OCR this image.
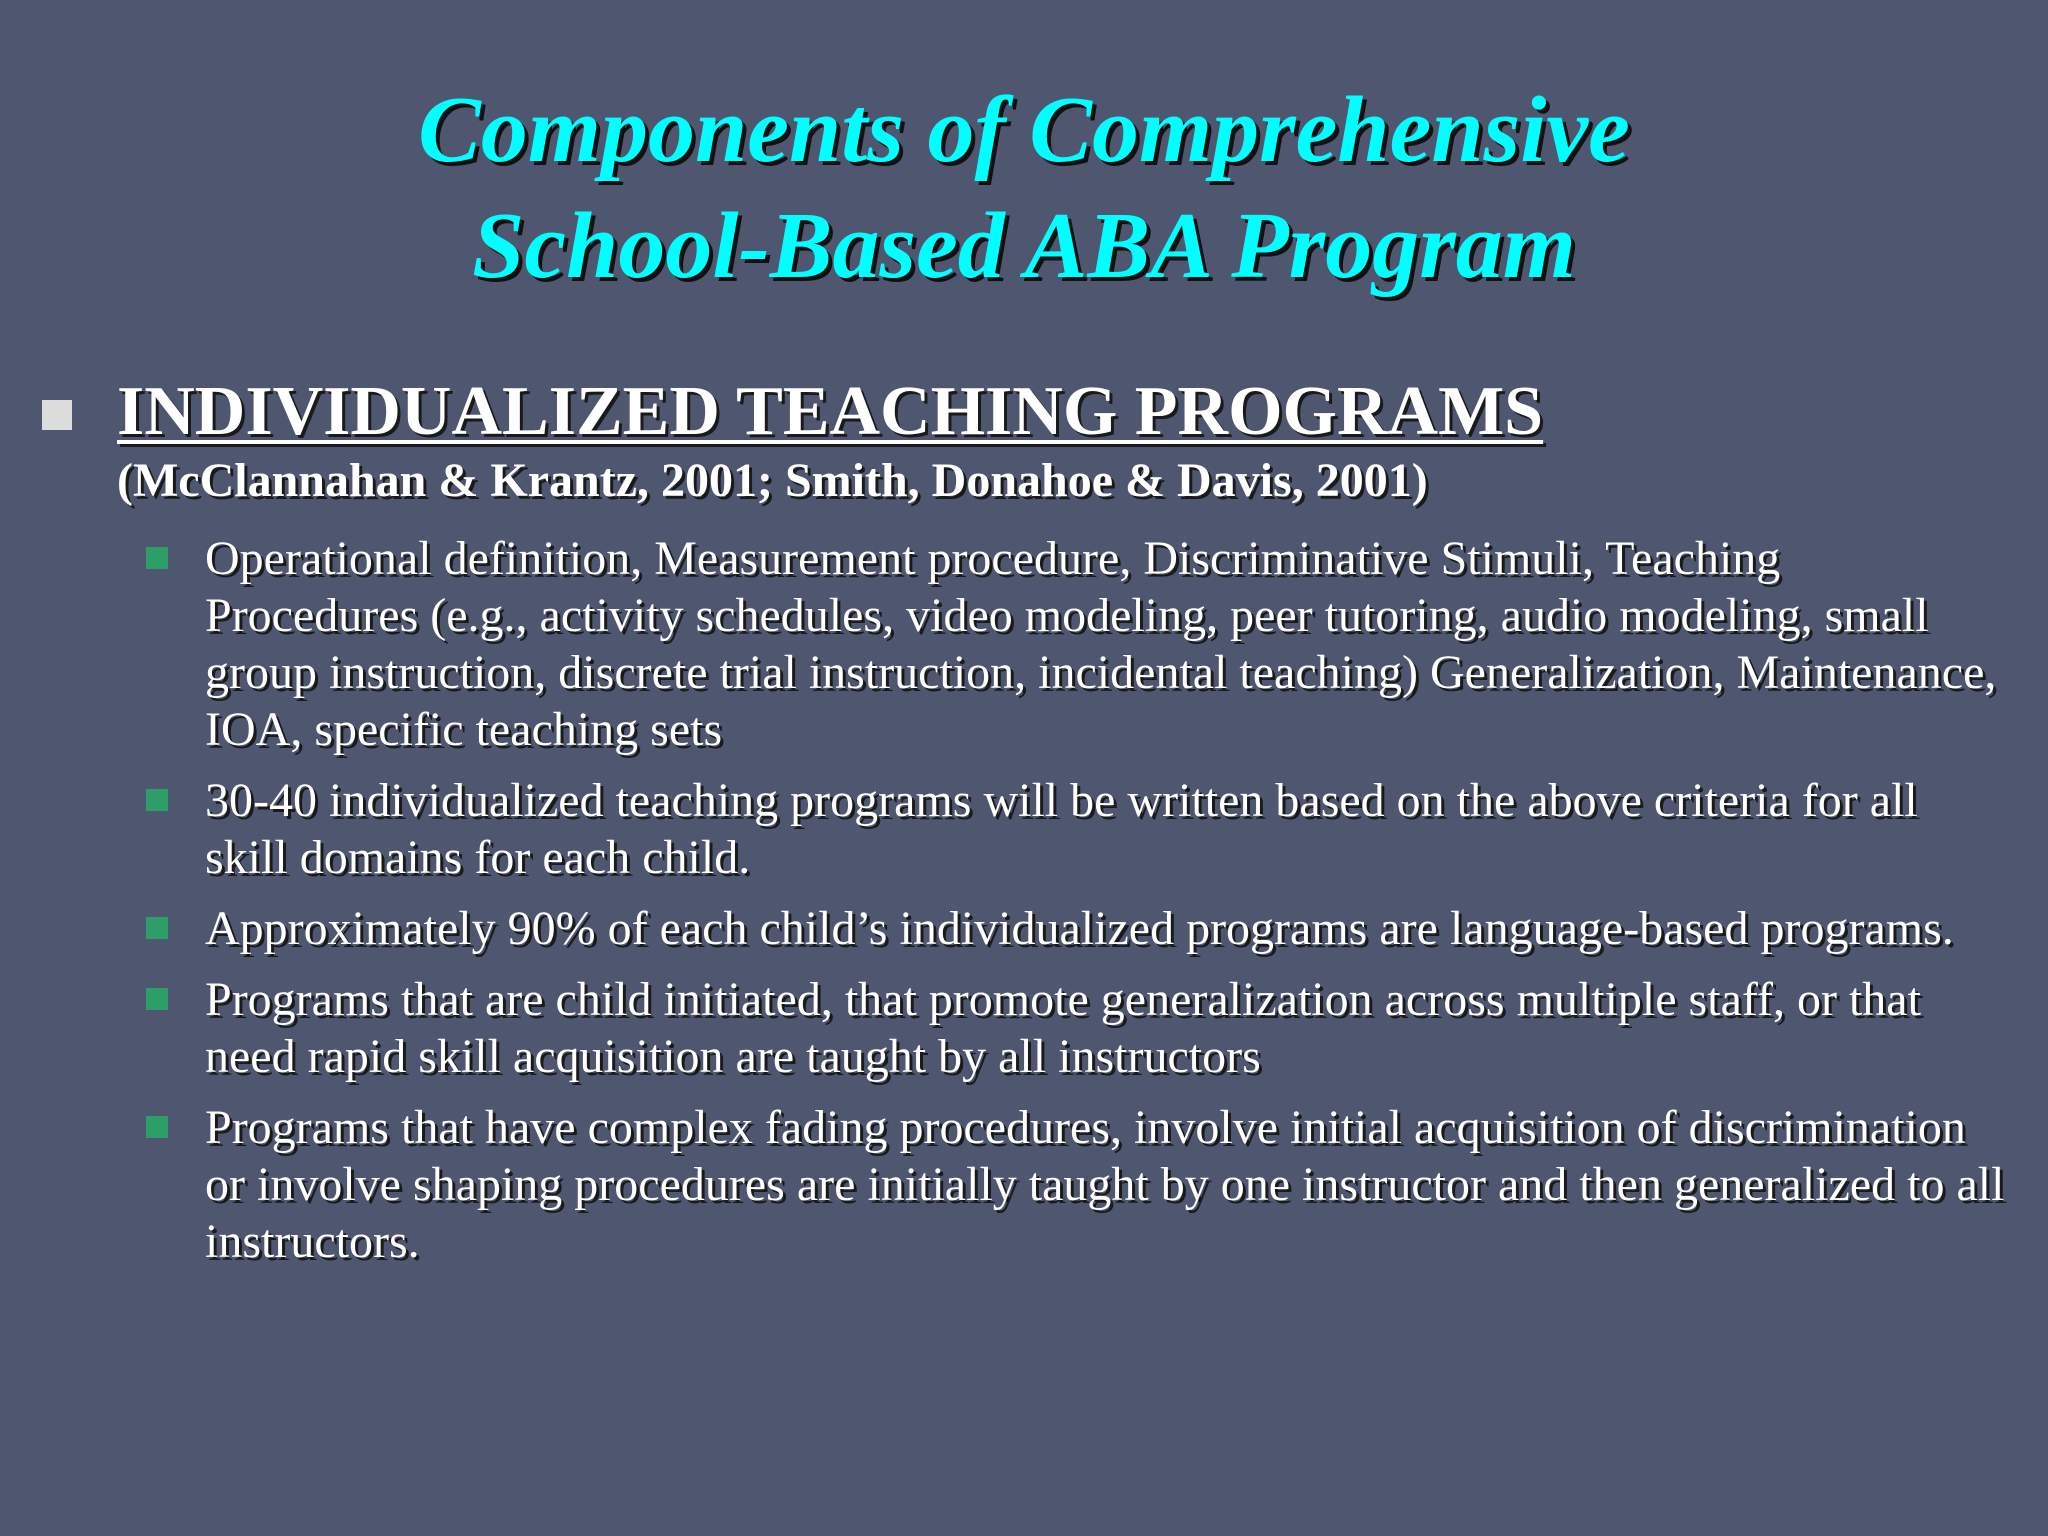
Components of Comprehensive
School-Based ABA Program
INDIVIDUALIZED TEACHING PROGRAMS
(McClannahan & Krantz, 2001; Smith, Donahoe & Davis, 2001)
Operational definition, Measurement procedure, Discriminative Stimuli, Teaching Procedures (e.g., activity schedules, video modeling, peer tutoring, audio modeling, small group instruction, discrete trial instruction, incidental teaching) Generalization, Maintenance, IOA, specific teaching sets
30-40 individualized teaching programs will be written based on the above criteria for all skill domains for each child.
Approximately 90% of each child’s individualized programs are language-based programs.
Programs that are child initiated, that promote generalization across multiple staff, or that need rapid skill acquisition are taught by all instructors
Programs that have complex fading procedures, involve initial acquisition of discrimination or involve shaping procedures are initially taught by one instructor and then generalized to all instructors.
